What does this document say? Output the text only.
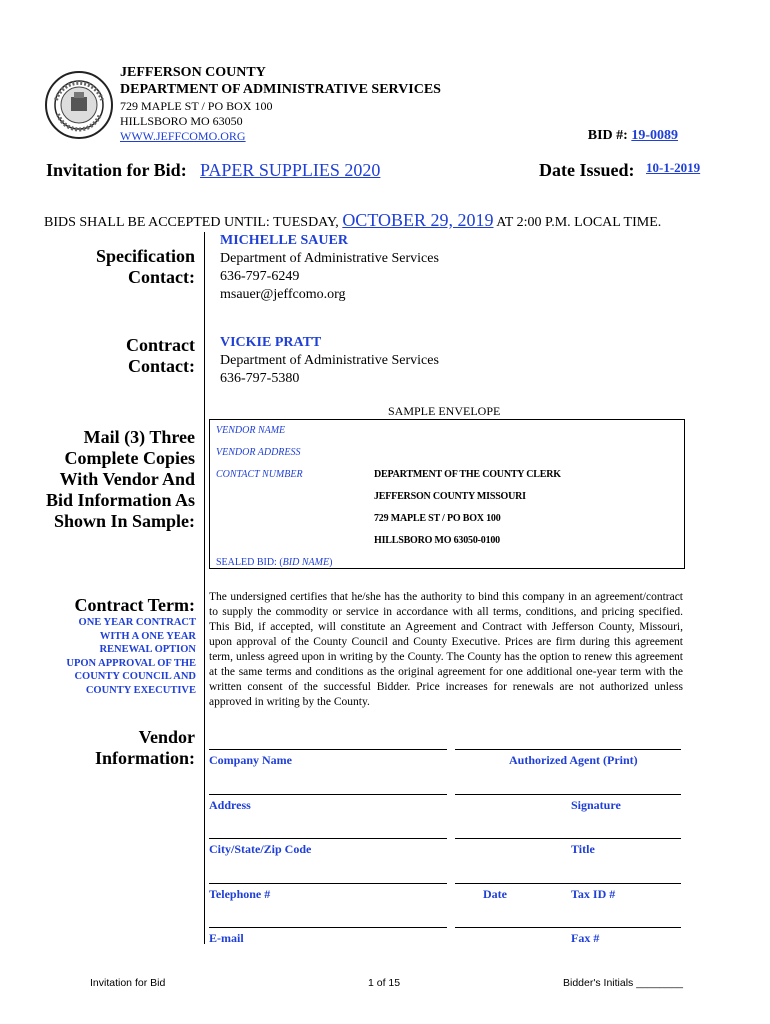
JEFFERSON COUNTY
DEPARTMENT OF ADMINISTRATIVE SERVICES
729 MAPLE ST / PO BOX 100
HILLSBORO MO 63050
WWW.JEFFCOMO.ORG	BID #: 19-0089
Invitation for Bid: PAPER SUPPLIES 2020	Date Issued: 10-1-2019
BIDS SHALL BE ACCEPTED UNTIL: TUESDAY, OCTOBER 29, 2019 AT 2:00 P.M. LOCAL TIME.
Specification
Contact:
MICHELLE SAUER
Department of Administrative Services
636-797-6249
msauer@jeffcomo.org
Contract
Contact:
VICKIE PRATT
Department of Administrative Services
636-797-5380
Mail (3) Three
Complete Copies
With Vendor And
Bid Information As
Shown In Sample:
SAMPLE ENVELOPE
VENDOR NAME
VENDOR ADDRESS
CONTACT NUMBER	DEPARTMENT OF THE COUNTY CLERK
JEFFERSON COUNTY MISSOURI
729 MAPLE ST / PO BOX 100
HILLSBORO MO 63050-0100
SEALED BID: (BID NAME)
Contract Term:
ONE YEAR CONTRACT
WITH A ONE YEAR
RENEWAL OPTION
UPON APPROVAL OF THE
COUNTY COUNCIL AND
COUNTY EXECUTIVE
The undersigned certifies that he/she has the authority to bind this company in an agreement/contract to supply the commodity or service in accordance with all terms, conditions, and pricing specified. This Bid, if accepted, will constitute an Agreement and Contract with Jefferson County, Missouri, upon approval of the County Council and County Executive. Prices are firm during this agreement term, unless agreed upon in writing by the County. The County has the option to renew this agreement at the same terms and conditions as the original agreement for one additional one-year term with the written consent of the successful Bidder. Price increases for renewals are not authorized unless approved in writing by the County.
Vendor
Information: Company Name	Authorized Agent (Print)
Address	Signature
City/State/Zip Code	Title
Telephone #	Date	Tax ID #
E-mail	Fax #
Invitation for Bid	1 of 15	Bidder's Initials ________
